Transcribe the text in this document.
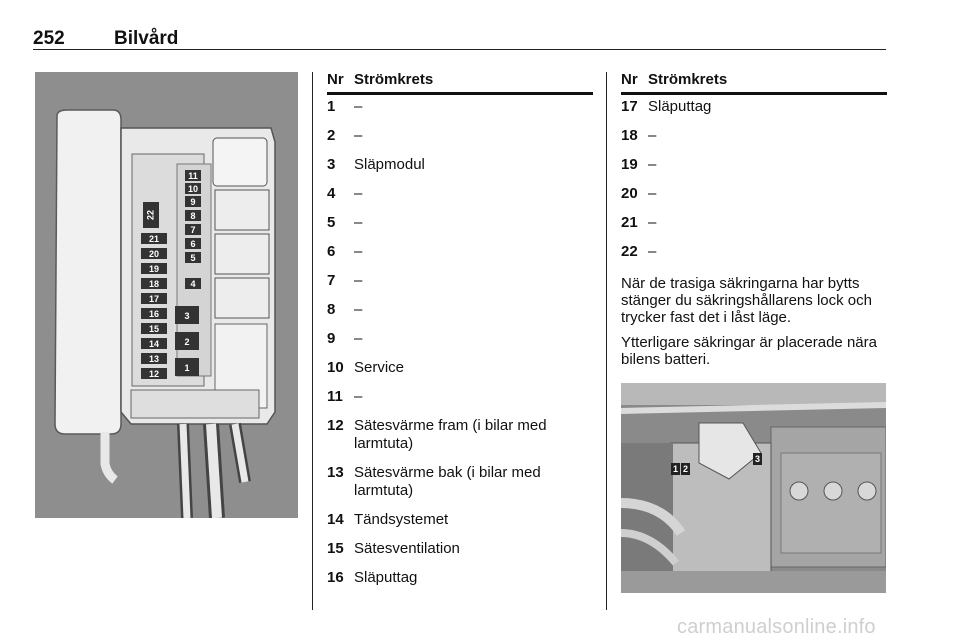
252	Bilvård
22
21
20
19
18
17
16
15
14
13
12
11
10
9
8
7
6
5
4
3
2
1
Nr Strömkrets
1 –
2 –
3 Släpmodul
4 –
5 –
6 –
7 –
8 –
9 –
10 Service
11 –
12 Sätesvärme fram (i bilar med larmtuta)
13 Sätesvärme bak (i bilar med larmtuta)
14 Tändsystemet
15 Sätesventilation
16 Släputtag
Nr Strömkrets
17 Släputtag
18 –
19 –
20 –
21 –
22 –

När de trasiga säkringarna har bytts stänger du säkringshållarens lock och trycker fast det i låst läge.

Ytterligare säkringar är placerade nära bilens batteri.

1 2
3
carmanualsonline.info
